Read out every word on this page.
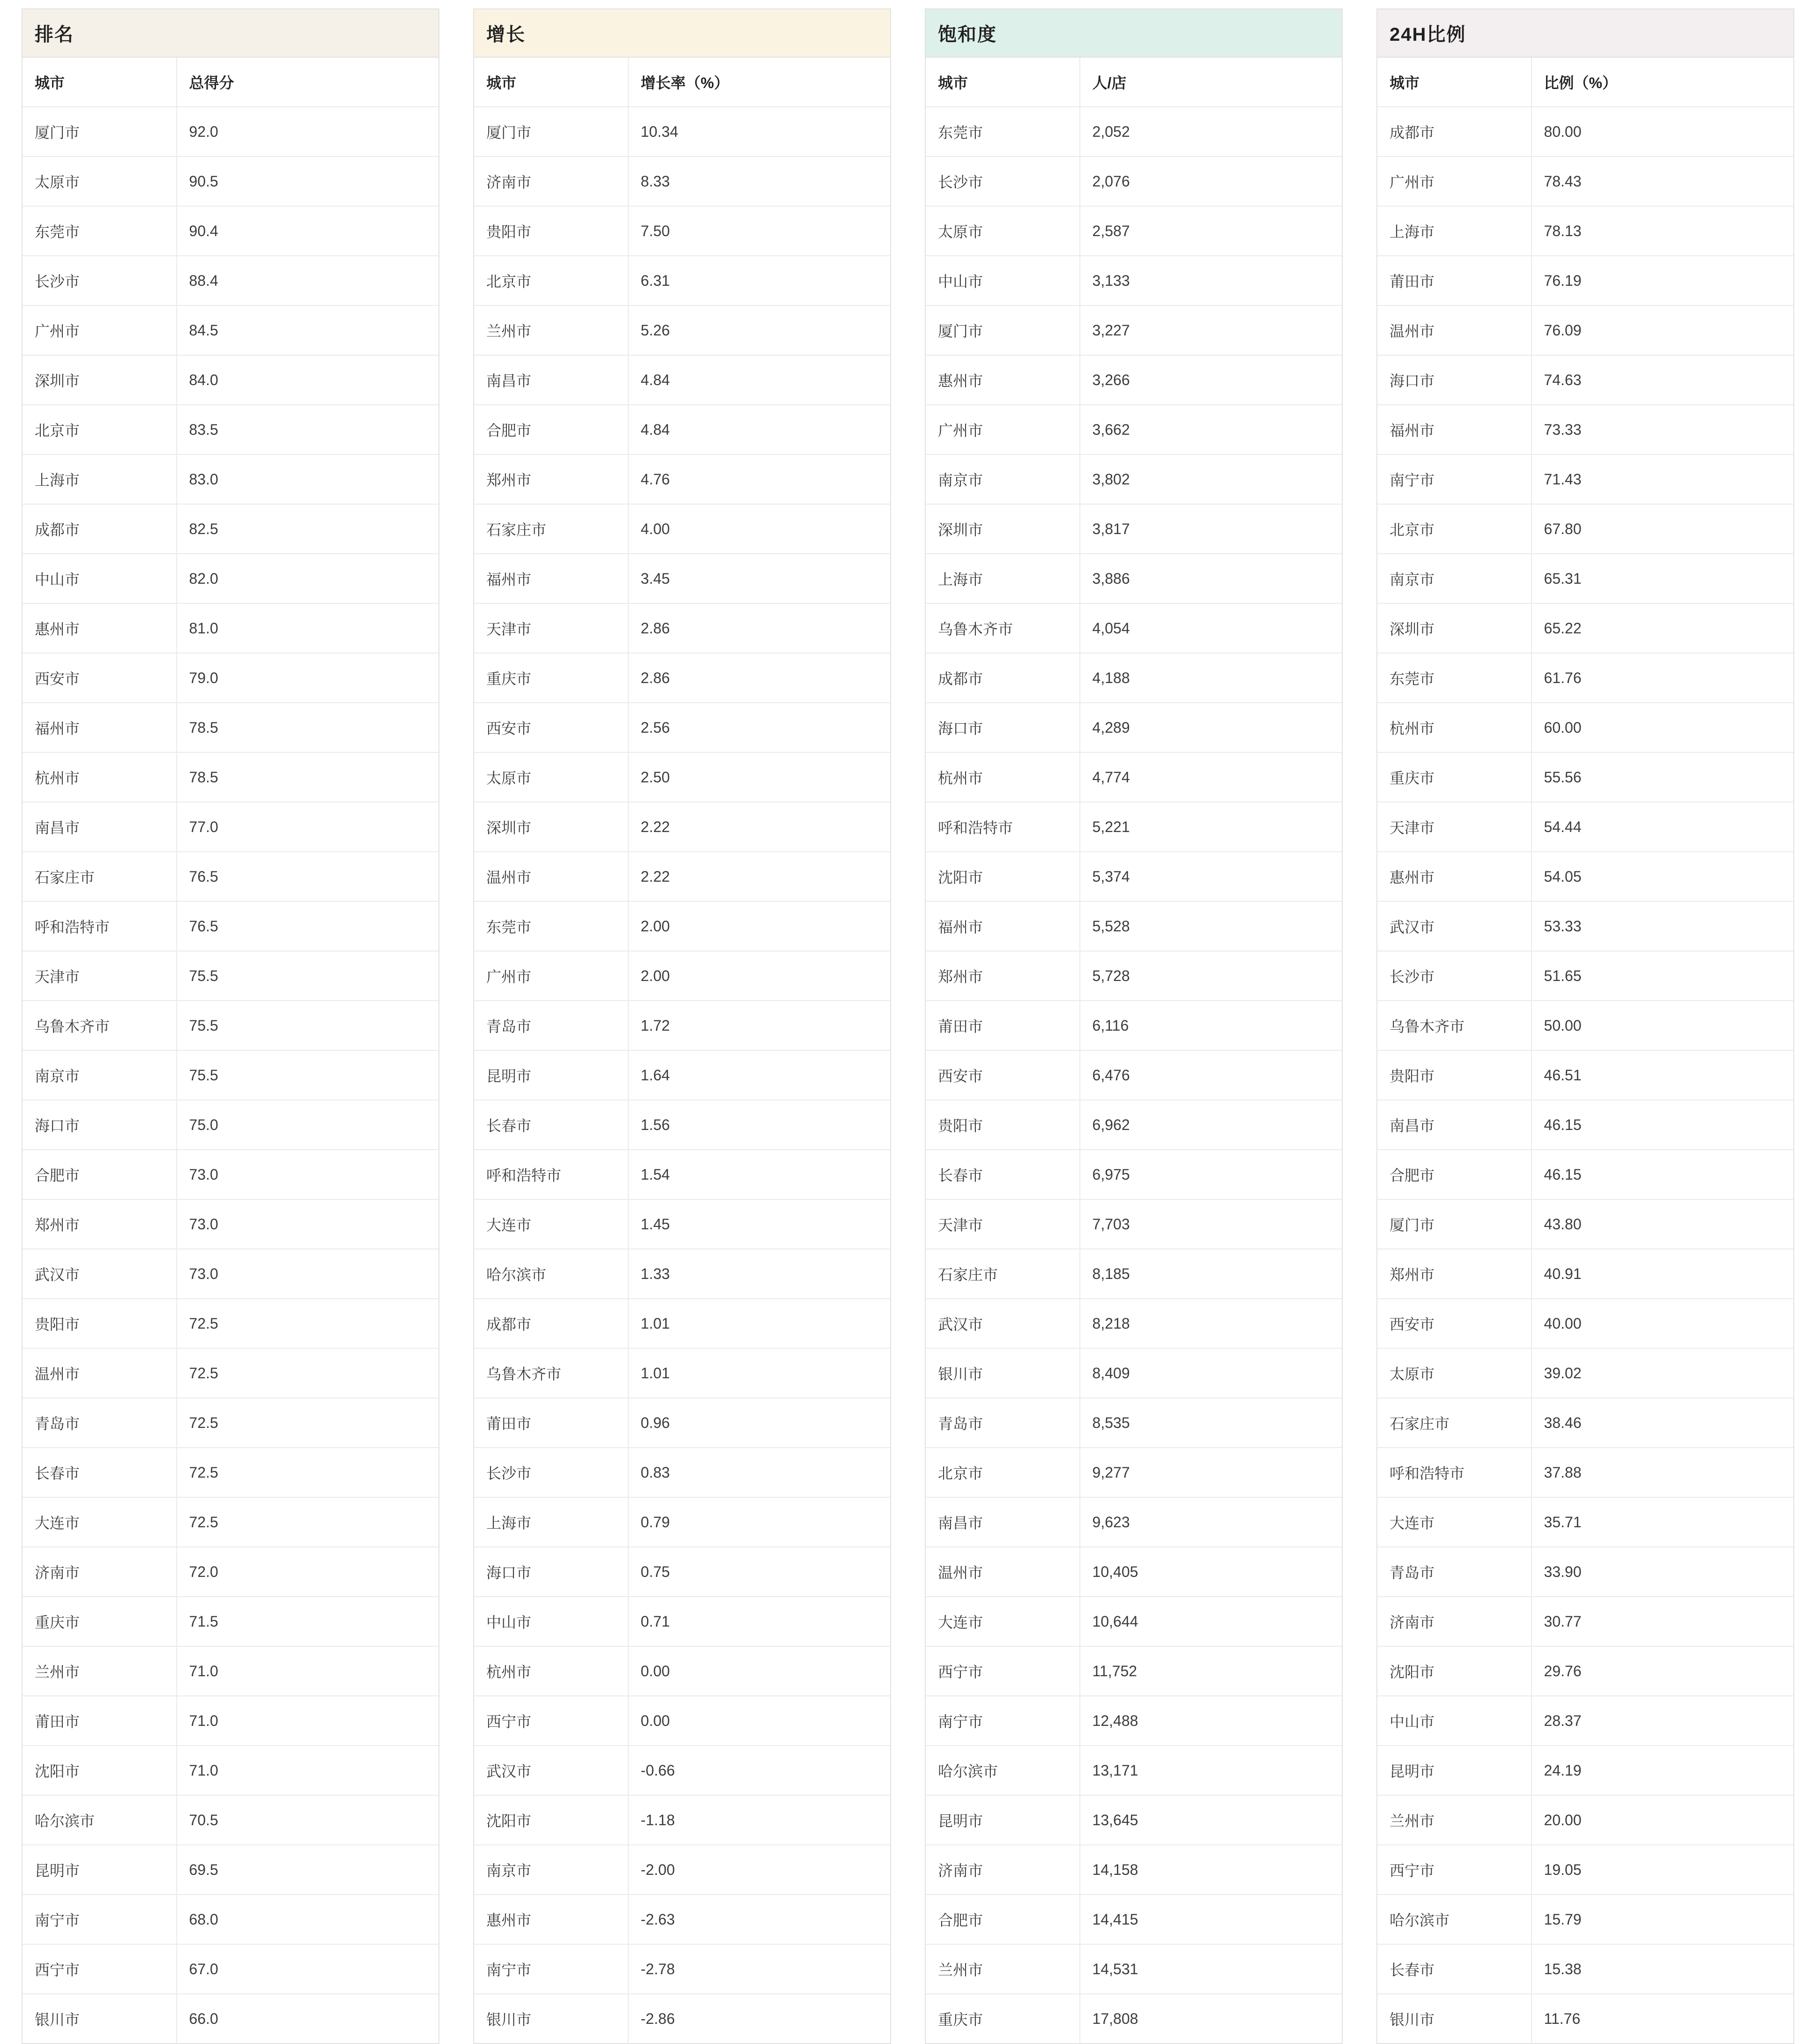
排名
城市	总得分
厦门市	92.0
太原市	90.5
东莞市	90.4
长沙市	88.4
广州市	84.5
深圳市	84.0
北京市	83.5
上海市	83.0
成都市	82.5
中山市	82.0
惠州市	81.0
西安市	79.0
福州市	78.5
杭州市	78.5
南昌市	77.0
石家庄市	76.5
呼和浩特市	76.5
天津市	75.5
乌鲁木齐市	75.5
南京市	75.5
海口市	75.0
合肥市	73.0
郑州市	73.0
武汉市	73.0
贵阳市	72.5
温州市	72.5
青岛市	72.5
长春市	72.5
大连市	72.5
济南市	72.0
重庆市	71.5
兰州市	71.0
莆田市	71.0
沈阳市	71.0
哈尔滨市	70.5
昆明市	69.5
南宁市	68.0
西宁市	67.0
银川市	66.0
增长
城市	增长率（%）
厦门市	10.34
济南市	8.33
贵阳市	7.50
北京市	6.31
兰州市	5.26
南昌市	4.84
合肥市	4.84
郑州市	4.76
石家庄市	4.00
福州市	3.45
天津市	2.86
重庆市	2.86
西安市	2.56
太原市	2.50
深圳市	2.22
温州市	2.22
东莞市	2.00
广州市	2.00
青岛市	1.72
昆明市	1.64
长春市	1.56
呼和浩特市	1.54
大连市	1.45
哈尔滨市	1.33
成都市	1.01
乌鲁木齐市	1.01
莆田市	0.96
长沙市	0.83
上海市	0.79
海口市	0.75
中山市	0.71
杭州市	0.00
西宁市	0.00
武汉市	-0.66
沈阳市	-1.18
南京市	-2.00
惠州市	-2.63
南宁市	-2.78
银川市	-2.86
饱和度
城市	人/店
东莞市	2,052
长沙市	2,076
太原市	2,587
中山市	3,133
厦门市	3,227
惠州市	3,266
广州市	3,662
南京市	3,802
深圳市	3,817
上海市	3,886
乌鲁木齐市	4,054
成都市	4,188
海口市	4,289
杭州市	4,774
呼和浩特市	5,221
沈阳市	5,374
福州市	5,528
郑州市	5,728
莆田市	6,116
西安市	6,476
贵阳市	6,962
长春市	6,975
天津市	7,703
石家庄市	8,185
武汉市	8,218
银川市	8,409
青岛市	8,535
北京市	9,277
南昌市	9,623
温州市	10,405
大连市	10,644
西宁市	11,752
南宁市	12,488
哈尔滨市	13,171
昆明市	13,645
济南市	14,158
合肥市	14,415
兰州市	14,531
重庆市	17,808
24H比例
城市	比例（%）
成都市	80.00
广州市	78.43
上海市	78.13
莆田市	76.19
温州市	76.09
海口市	74.63
福州市	73.33
南宁市	71.43
北京市	67.80
南京市	65.31
深圳市	65.22
东莞市	61.76
杭州市	60.00
重庆市	55.56
天津市	54.44
惠州市	54.05
武汉市	53.33
长沙市	51.65
乌鲁木齐市	50.00
贵阳市	46.51
南昌市	46.15
合肥市	46.15
厦门市	43.80
郑州市	40.91
西安市	40.00
太原市	39.02
石家庄市	38.46
呼和浩特市	37.88
大连市	35.71
青岛市	33.90
济南市	30.77
沈阳市	29.76
中山市	28.37
昆明市	24.19
兰州市	20.00
西宁市	19.05
哈尔滨市	15.79
长春市	15.38
银川市	11.76
